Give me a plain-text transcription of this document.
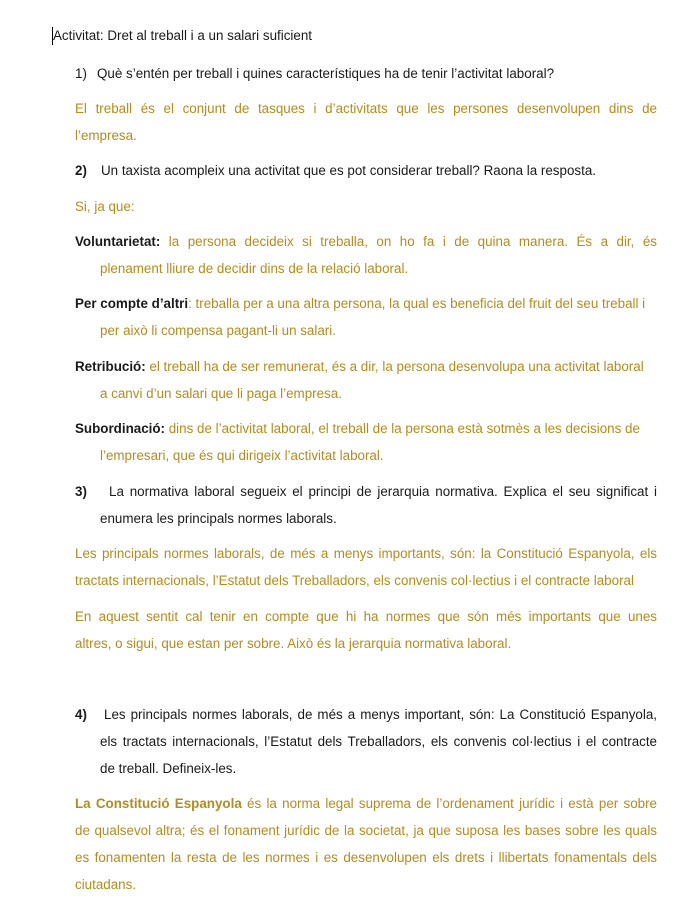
Activitat: Dret al treball i a un salari suficient
1) Què s’entén per treball i quines característiques ha de tenir l’activitat laboral?
El treball és el conjunt de tasques i d’activitats que les persones desenvolupen dins de
l’empresa.
2) Un taxista acompleix una activitat que es pot considerar treball? Raona la resposta.
Si, ja que:
Voluntarietat: la persona decideix si treballa, on ho fa i de quina manera. És a dir, és
plenament lliure de decidir dins de la relació laboral.
Per compte d’altri: treballa per a una altra persona, la qual es beneficia del fruit del seu treball i
per això li compensa pagant-li un salari.
Retribució: el treball ha de ser remunerat, és a dir, la persona desenvolupa una activitat laboral
a canvi d’un salari que li paga l’empresa.
Subordinació: dins de l’activitat laboral, el treball de la persona està sotmès a les decisions de
l’empresari, que és qui dirigeix l’activitat laboral.
3) La normativa laboral segueix el principi de jerarquia normativa. Explica el seu significat i
enumera les principals normes laborals.
Les principals normes laborals, de més a menys importants, són: la Constitució Espanyola, els
tractats internacionals, l’Estatut dels Treballadors, els convenis col·lectius i el contracte laboral
En aquest sentit cal tenir en compte que hi ha normes que són més importants que unes
altres, o sigui, que estan per sobre. Això és la jerarquia normativa laboral.
4) Les principals normes laborals, de més a menys important, són: La Constitució Espanyola,
els tractats internacionals, l’Estatut dels Treballadors, els convenis col·lectius i el contracte
de treball. Defineix-les.
La Constitució Espanyola és la norma legal suprema de l’ordenament jurídic i està per sobre
de qualsevol altra; és el fonament jurídic de la societat, ja que suposa les bases sobre les quals
es fonamenten la resta de les normes i es desenvolupen els drets i llibertats fonamentals dels
ciutadans.
